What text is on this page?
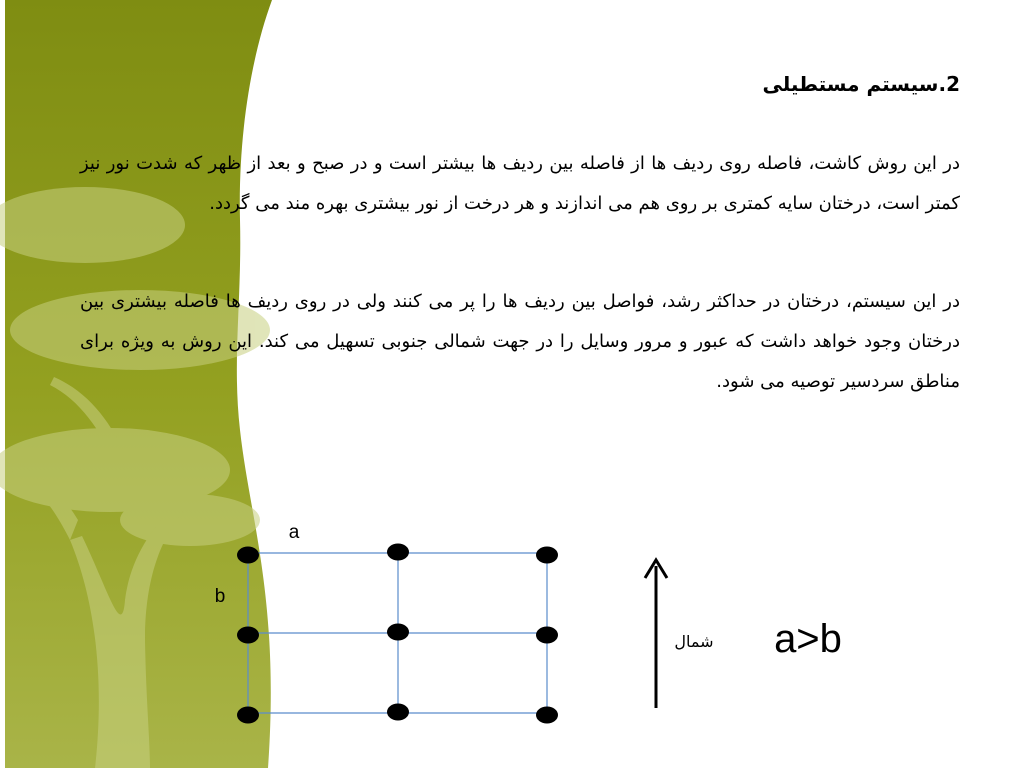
2.سیستم مستطیلی
در این روش کاشت، فاصله روی ردیف ها از فاصله بین ردیف ها بیشتر است و در صبح و بعد از ظهر که شدت نور نیز کمتر است، درختان سایه کمتری بر روی هم می اندازند و هر درخت از نور بیشتری بهره مند می گردد.
در این سیستم، درختان در حداکثر رشد، فواصل بین ردیف ها را پر می کنند ولی در روی ردیف ها فاصله بیشتری بین درختان وجود خواهد داشت که عبور و مرور وسایل را در جهت شمالی جنوبی تسهیل می کند. این روش به ویژه برای مناطق سردسیر توصیه می شود.
a
b
شمال a>b
